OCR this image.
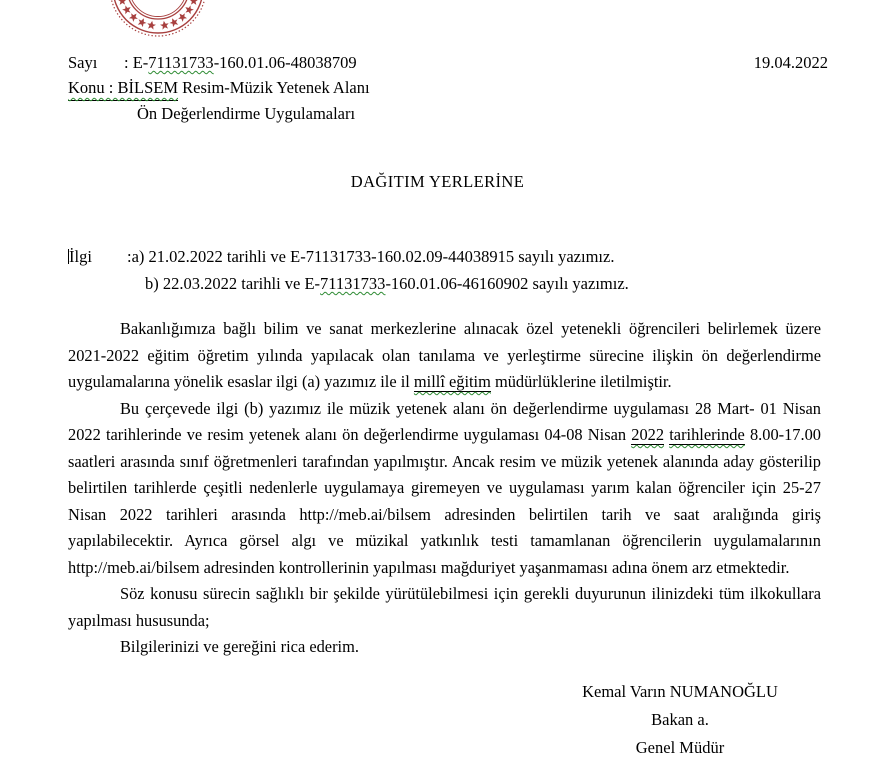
19.04.2022
Sayı : E-71131733-160.01.06-48038709
Konu : BİLSEM Resim-Müzik Yetenek Alanı
Ön Değerlendirme Uygulamaları
DAĞITIM YERLERİNE
İlgi :a) 21.02.2022 tarihli ve E-71131733-160.02.09-44038915 sayılı yazımız.
b) 22.03.2022 tarihli ve E-71131733-160.01.06-46160902 sayılı yazımız.

Bakanlığımıza bağlı bilim ve sanat merkezlerine alınacak özel yetenekli öğrencileri belirlemek üzere 2021-2022 eğitim öğretim yılında yapılacak olan tanılama ve yerleştirme sürecine ilişkin ön değerlendirme uygulamalarına yönelik esaslar ilgi (a) yazımız ile il millî eğitim müdürlüklerine iletilmiştir.

Bu çerçevede ilgi (b) yazımız ile müzik yetenek alanı ön değerlendirme uygulaması 28 Mart- 01 Nisan 2022 tarihlerinde ve resim yetenek alanı ön değerlendirme uygulaması 04-08 Nisan 2022 tarihlerinde 8.00-17.00 saatleri arasında sınıf öğretmenleri tarafından yapılmıştır. Ancak resim ve müzik yetenek alanında aday gösterilip belirtilen tarihlerde çeşitli nedenlerle uygulamaya giremeyen ve uygulaması yarım kalan öğrenciler için 25-27 Nisan 2022 tarihleri arasında http://meb.ai/bilsem adresinden belirtilen tarih ve saat aralığında giriş yapılabilecektir. Ayrıca görsel algı ve müzikal yatkınlık testi tamamlanan öğrencilerin uygulamalarının http://meb.ai/bilsem adresinden kontrollerinin yapılması mağduriyet yaşanmaması adına önem arz etmektedir.

Söz konusu sürecin sağlıklı bir şekilde yürütülebilmesi için gerekli duyurunun ilinizdeki tüm ilkokullara yapılması hususunda;

Bilgilerinizi ve gereğini rica ederim.

Kemal Varın NUMANOĞLU
Bakan a.
Genel Müdür
